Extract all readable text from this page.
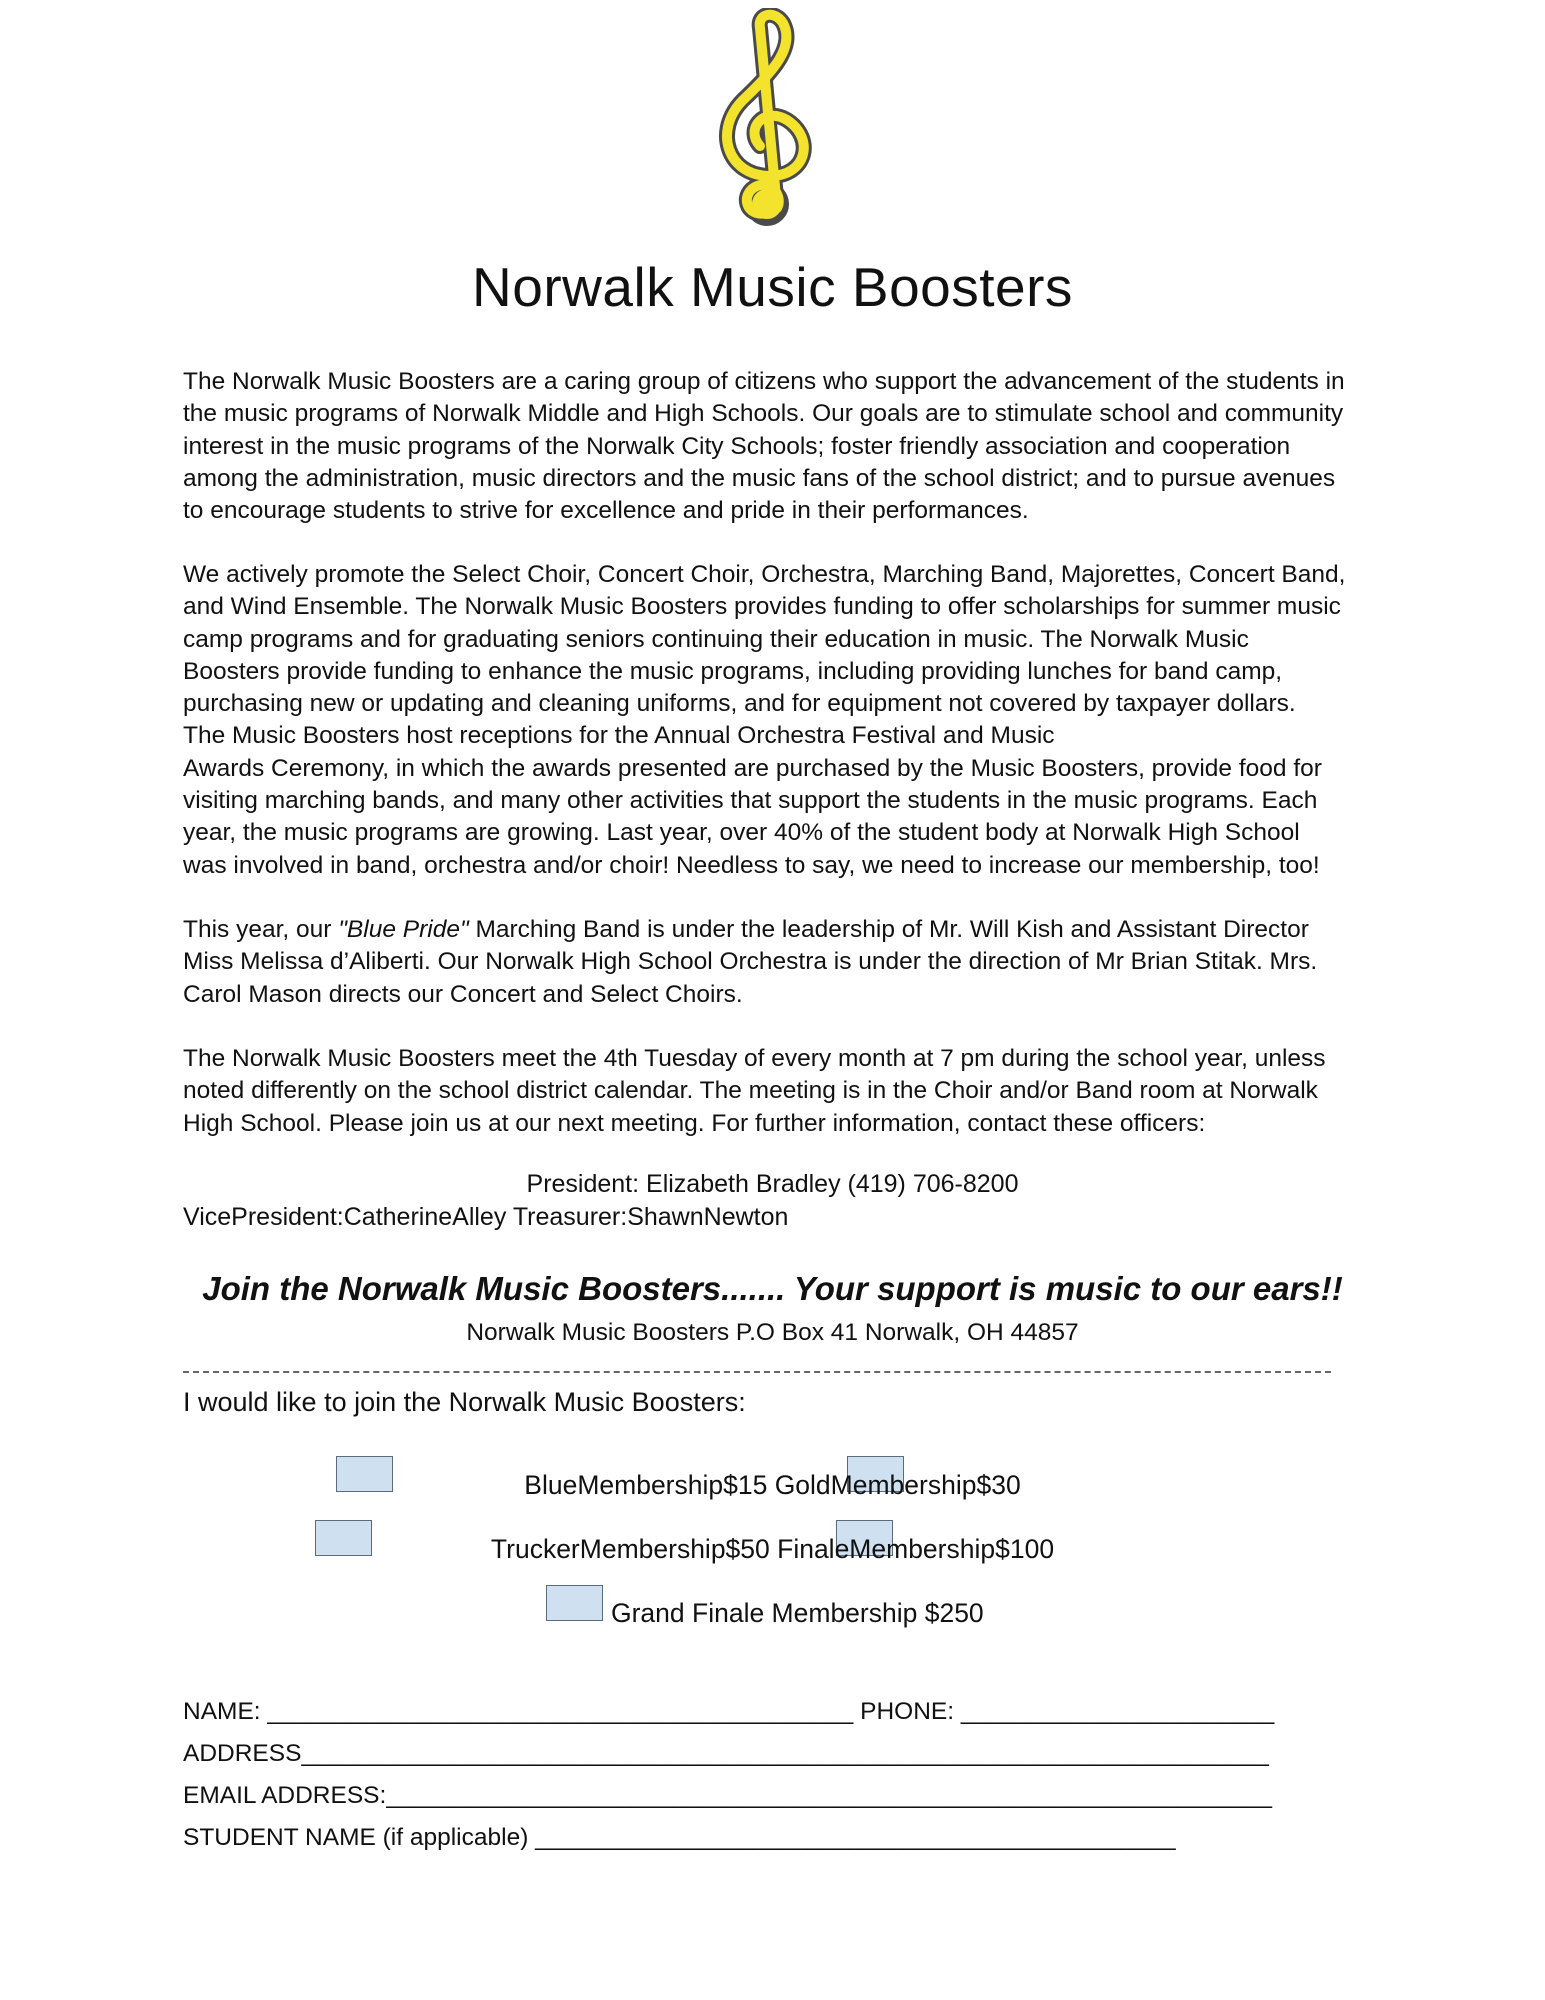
Norwalk Music Boosters
The Norwalk Music Boosters are a caring group of citizens who support the advancement of the students in
the music programs of Norwalk Middle and High Schools. Our goals are to stimulate school and community
interest in the music programs of the Norwalk City Schools; foster friendly association and cooperation
among the administration, music directors and the music fans of the school district; and to pursue avenues
to encourage students to strive for excellence and pride in their performances.
We actively promote the Select Choir, Concert Choir, Orchestra, Marching Band, Majorettes, Concert Band,
and Wind Ensemble. The Norwalk Music Boosters provides funding to offer scholarships for summer music
camp programs and for graduating seniors continuing their education in music. The Norwalk Music
Boosters provide funding to enhance the music programs, including providing lunches for band camp,
purchasing new or updating and cleaning uniforms, and for equipment not covered by taxpayer dollars.
The Music Boosters host receptions for the Annual Orchestra Festival and Music
Awards Ceremony, in which the awards presented are purchased by the Music Boosters, provide food for
visiting marching bands, and many other activities that support the students in the music programs. Each
year, the music programs are growing. Last year, over 40% of the student body at Norwalk High School
was involved in band, orchestra and/or choir! Needless to say, we need to increase our membership, too!
This year, our "Blue Pride" Marching Band is under the leadership of Mr. Will Kish and Assistant Director
Miss Melissa d’Aliberti. Our Norwalk High School Orchestra is under the direction of Mr Brian Stitak. Mrs.
Carol Mason directs our Concert and Select Choirs.
The Norwalk Music Boosters meet the 4th Tuesday of every month at 7 pm during the school year, unless
noted differently on the school district calendar. The meeting is in the Choir and/or Band room at Norwalk
High School. Please join us at our next meeting. For further information, contact these officers:
President: Elizabeth Bradley (419) 706-8200
VicePresident:CatherineAlley Treasurer:ShawnNewton
Join the Norwalk Music Boosters....... Your support is music to our ears!!
Norwalk Music Boosters P.O Box 41 Norwalk, OH 44857
I would like to join the Norwalk Music Boosters:
BlueMembership$15 GoldMembership$30
TruckerMembership$50 FinaleMembership$100
Grand Finale Membership $250
NAME: ___________________________________________ PHONE: _______________________
ADDRESS_______________________________________________________________________
EMAIL ADDRESS:_________________________________________________________________
STUDENT NAME (if applicable) _______________________________________________
